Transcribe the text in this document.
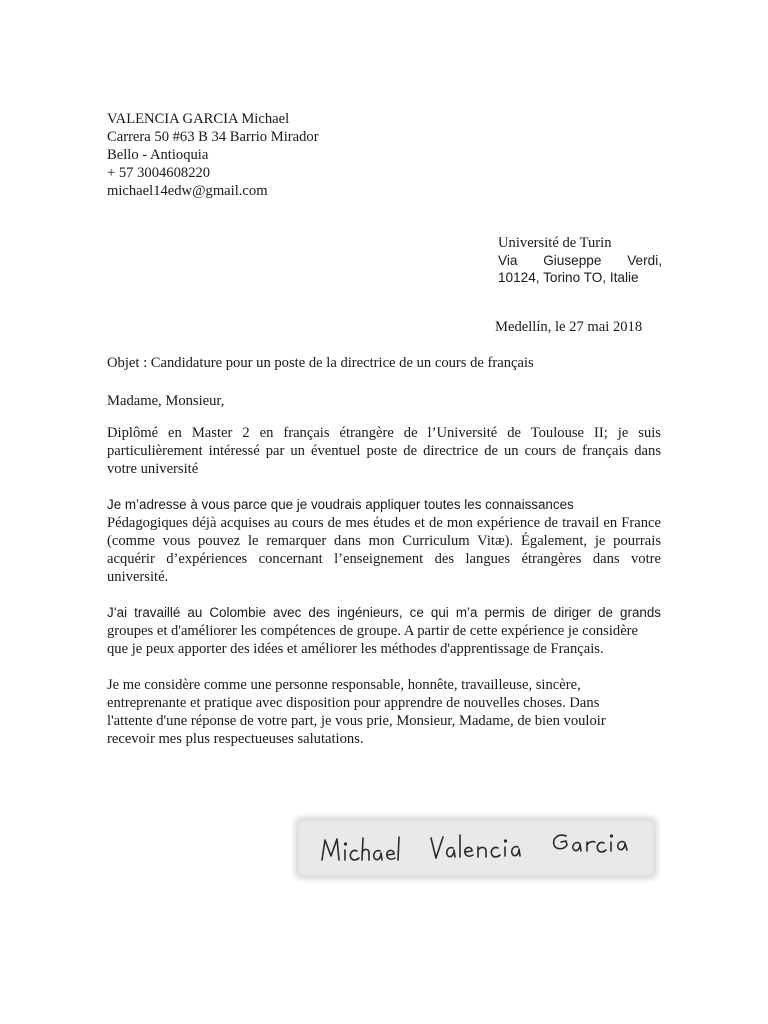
VALENCIA GARCIA Michael
Carrera 50 #63 B 34 Barrio Mirador
Bello - Antioquia
+ 57 3004608220
michael14edw@gmail.com
Université de Turin
Via Giuseppe Verdi,
10124, Torino TO, Italie
Medellín, le 27 mai 2018
Objet : Candidature pour un poste de la directrice de un cours de français
Madame, Monsieur,
Diplômé en Master 2 en français étrangère de l’Université de Toulouse II; je suis
particulièrement intéressé par un éventuel poste de directrice de un cours de français dans
votre université
Je m’adresse à vous parce que je voudrais appliquer toutes les connaissances
Pédagogiques déjà acquises au cours de mes études et de mon expérience de travail en France
(comme vous pouvez le remarquer dans mon Curriculum Vitæ). Également, je pourrais
acquérir d’expériences concernant l’enseignement des langues étrangères dans votre
université.
J’ai travaillé au Colombie avec des ingénieurs, ce qui m’a permis de diriger de grands
groupes et d'améliorer les compétences de groupe. A partir de cette expérience je considère
que je peux apporter des idées et améliorer les méthodes d'apprentissage de Français.
Je me considère comme une personne responsable, honnête, travailleuse, sincère,
entreprenante et pratique avec disposition pour apprendre de nouvelles choses. Dans
l'attente d'une réponse de votre part, je vous prie, Monsieur, Madame, de bien vouloir
recevoir mes plus respectueuses salutations.
